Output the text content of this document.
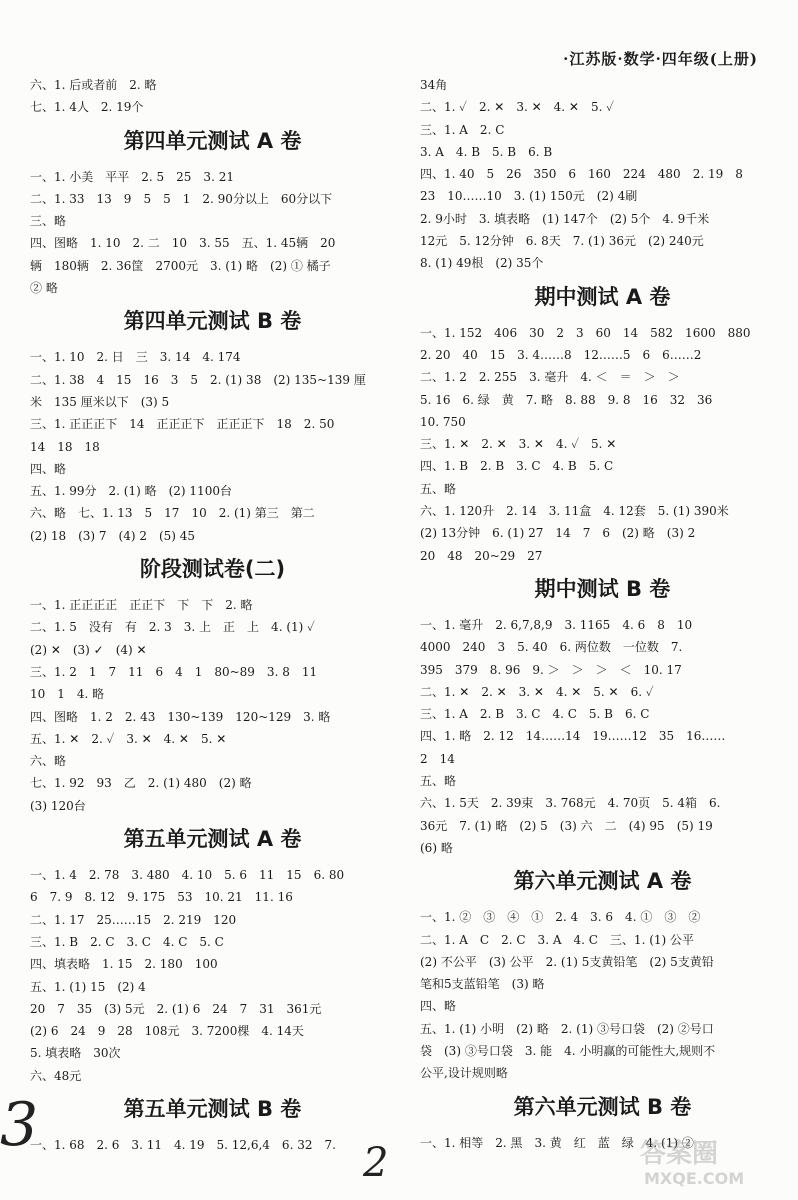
·江苏版·数学·四年级(上册)
六、1. 后或者前　2. 略
七、1. 4人　2. 19个
第四单元测试 A 卷
一、1. 小美　平平　2. 5　25　3. 21
二、1. 33　13　9　5　5　1　2. 90分以上　60分以下
三、略
四、图略　1. 10　2. 二　10　3. 55　五、1. 45辆　20
辆　180辆　2. 36筐　2700元　3. (1) 略　(2) ① 橘子
② 略
第四单元测试 B 卷
一、1. 10　2. 日　三　3. 14　4. 174
二、1. 38　4　15　16　3　5　2. (1) 38　(2) 135~139 厘
米　135 厘米以下　(3) 5
三、1. 正正正下　14　正正正下　正正正下　18　2. 50
14　18　18
四、略
五、1. 99分　2. (1) 略　(2) 1100台
六、略　七、1. 13　5　17　10　2. (1) 第三　第二
(2) 18　(3) 7　(4) 2　(5) 45
阶段测试卷(二)
一、1. 正正正正　正正下　下　下　2. 略
二、1. 5　没有　有　2. 3　3. 上　正　上　4. (1) ✓
(2) ✕　(3) ✓　(4) ✕
三、1. 2　1　7　11　6　4　1　80~89　3. 8　11
10　1　4. 略
四、图略　1. 2　2. 43　130~139　120~129　3. 略
五、1. ✕　2. ✓　3. ✕　4. ✕　5. ✕
六、略
七、1. 92　93　乙　2. (1) 480　(2) 略
(3) 120台
第五单元测试 A 卷
一、1. 4　2. 78　3. 480　4. 10　5. 6　11　15　6. 80
6　7. 9　8. 12　9. 175　53　10. 21　11. 16
二、1. 17　25……15　2. 219　120
三、1. B　2. C　3. C　4. C　5. C
四、填表略　1. 15　2. 180　100
五、1. (1) 15　(2) 4
20　7　35　(3) 5元　2. (1) 6　24　7　31　361元
(2) 6　24　9　28　108元　3. 7200棵　4. 14天
5. 填表略　30次
六、48元
第五单元测试 B 卷
一、1. 68　2. 6　3. 11　4. 19　5. 12,6,4　6. 32　7.
34角
二、1. ✓　2. ✕　3. ✕　4. ✕　5. ✓
三、1. A　2. C
3. A　4. B　5. B　6. B
四、1. 40　5　26　350　6　160　224　480　2. 19　8
23　10……10　3. (1) 150元　(2) 4刷
2. 9小时　3. 填表略　(1) 147个　(2) 5个　4. 9千米
12元　5. 12分钟　6. 8天　7. (1) 36元　(2) 240元
8. (1) 49根　(2) 35个
期中测试 A 卷
一、1. 152　406　30　2　3　60　14　582　1600　880
2. 20　40　15　3. 4……8　12……5　6　6……2
二、1. 2　2. 255　3. 毫升　4. ＜　＝　＞　＞
5. 16　6. 绿　黄　7. 略　8. 88　9. 8　16　32　36
10. 750
三、1. ✕　2. ✕　3. ✕　4. ✓　5. ✕
四、1. B　2. B　3. C　4. B　5. C
五、略
六、1. 120升　2. 14　3. 11盒　4. 12套　5. (1) 390米
(2) 13分钟　6. (1) 27　14　7　6　(2) 略　(3) 2
20　48　20~29　27
期中测试 B 卷
一、1. 毫升　2. 6,7,8,9　3. 1165　4. 6　8　10
4000　240　3　5. 40　6. 两位数　一位数　7.
395　379　8. 96　9. ＞　＞　＞　＜　10. 17
二、1. ✕　2. ✕　3. ✕　4. ✕　5. ✕　6. ✓
三、1. A　2. B　3. C　4. C　5. B　6. C
四、1. 略　2. 12　14……14　19……12　35　16……
2　14
五、略
六、1. 5天　2. 39束　3. 768元　4. 70页　5. 4箱　6.
36元　7. (1) 略　(2) 5　(3) 六　二　(4) 95　(5) 19
(6) 略
第六单元测试 A 卷
一、1. ②　③　④　①　2. 4　3. 6　4. ①　③　②
二、1. A　C　2. C　3. A　4. C　三、1. (1) 公平
(2) 不公平　(3) 公平　2. (1) 5支黄铅笔　(2) 5支黄铅
笔和5支蓝铅笔　(3) 略
四、略
五、1. (1) 小明　(2) 略　2. (1) ③号口袋　(2) ②号口
袋　(3) ③号口袋　3. 能　4. 小明赢的可能性大,规则不
公平,设计规则略
第六单元测试 B 卷
一、1. 相等　2. 黑　3. 黄　红　蓝　绿　4. (1) ②
3
2	答案圈
MXQE.COM
